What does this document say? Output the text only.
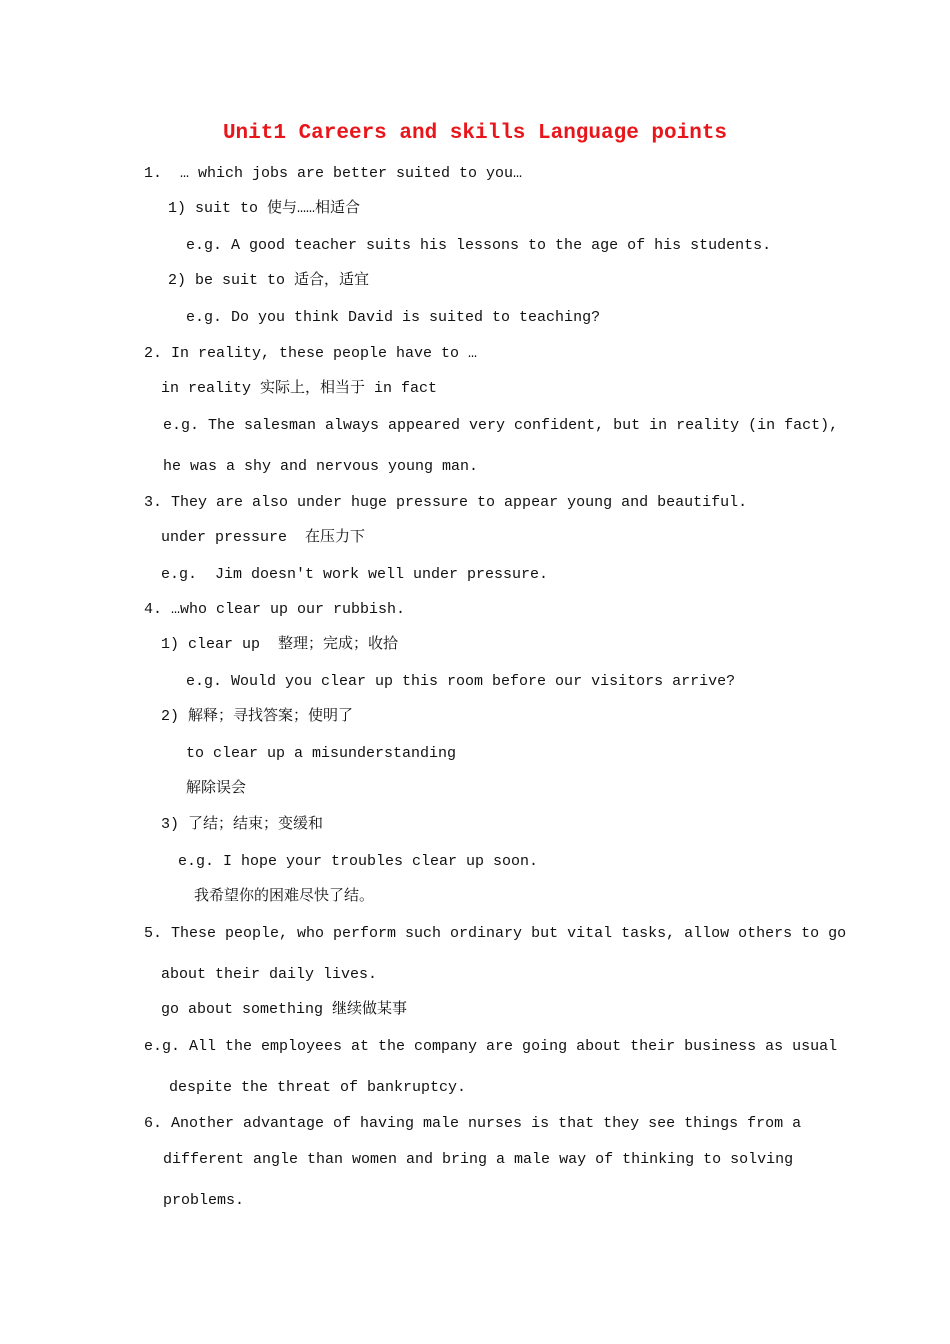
Unit1 Careers and skills Language points
1.  … which jobs are better suited to you…
1) suit to 使与……相适合
e.g. A good teacher suits his lessons to the age of his students.
2) be suit to 适合，适宜
e.g. Do you think David is suited to teaching?
2. In reality, these people have to …
in reality 实际上，相当于 in fact
e.g. The salesman always appeared very confident, but in reality (in fact),
he was a shy and nervous young man.
3. They are also under huge pressure to appear young and beautiful.
under pressure  在压力下
e.g.  Jim doesn't work well under pressure.
4. …who clear up our rubbish.
1) clear up  整理；完成；收拾
e.g. Would you clear up this room before our visitors arrive?
2) 解释；寻找答案；使明了
to clear up a misunderstanding
解除误会
3) 了结；结束；变缓和
e.g. I hope your troubles clear up soon.
我希望你的困难尽快了结。
5. These people, who perform such ordinary but vital tasks, allow others to go
about their daily lives.
go about something 继续做某事
e.g. All the employees at the company are going about their business as usual
despite the threat of bankruptcy.
6. Another advantage of having male nurses is that they see things from a
different angle than women and bring a male way of thinking to solving
problems.
